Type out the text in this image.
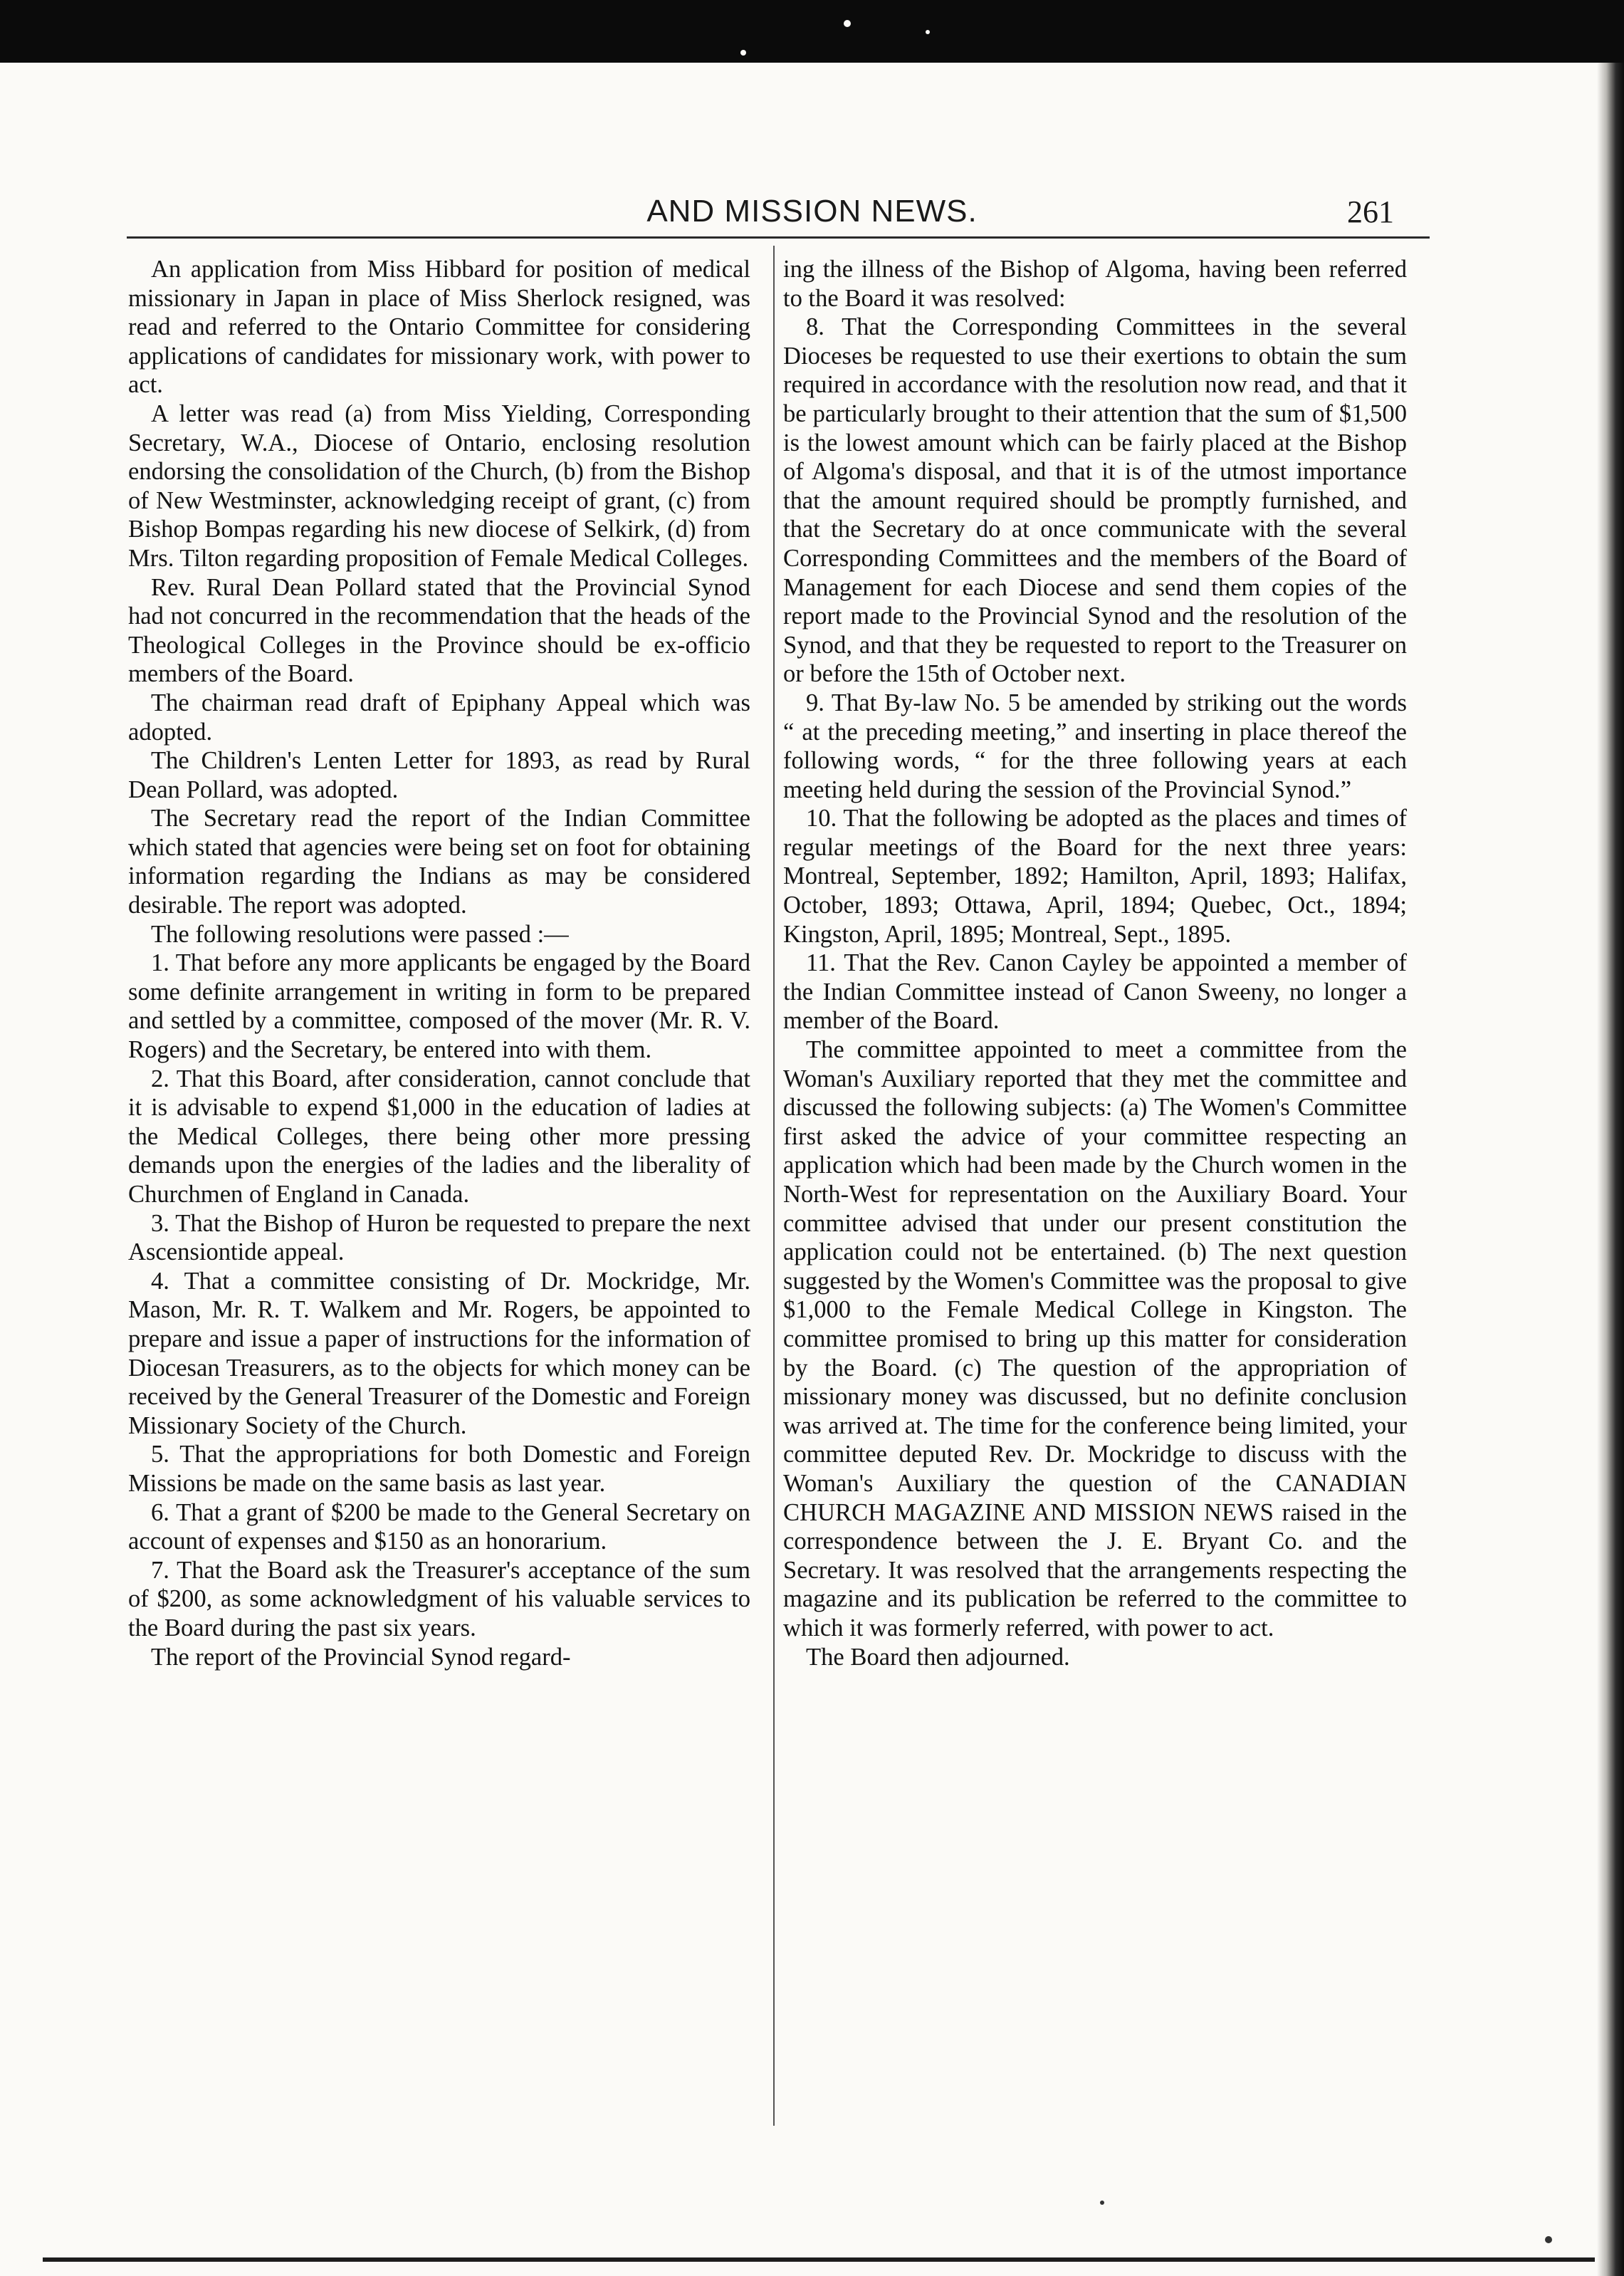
AND MISSION NEWS.	261

An application from Miss Hibbard for position of medical missionary in Japan in place of Miss Sherlock resigned, was read and referred to the Ontario Committee for considering applications of candidates for missionary work, with power to act.

A letter was read (a) from Miss Yielding, Corresponding Secretary, W.A., Diocese of Ontario, enclosing resolution endorsing the consolidation of the Church, (b) from the Bishop of New Westminster, acknowledging receipt of grant, (c) from Bishop Bompas regarding his new diocese of Selkirk, (d) from Mrs. Tilton regarding proposition of Female Medical Colleges.

Rev. Rural Dean Pollard stated that the Provincial Synod had not concurred in the recommendation that the heads of the Theological Colleges in the Province should be ex-officio members of the Board.

The chairman read draft of Epiphany Appeal which was adopted.

The Children's Lenten Letter for 1893, as read by Rural Dean Pollard, was adopted.

The Secretary read the report of the Indian Committee which stated that agencies were being set on foot for obtaining information regarding the Indians as may be considered desirable. The report was adopted.

The following resolutions were passed :—

1. That before any more applicants be engaged by the Board some definite arrangement in writing in form to be prepared and settled by a committee, composed of the mover (Mr. R. V. Rogers) and the Secretary, be entered into with them.

2. That this Board, after consideration, cannot conclude that it is advisable to expend $1,000 in the education of ladies at the Medical Colleges, there being other more pressing demands upon the energies of the ladies and the liberality of Churchmen of England in Canada.

3. That the Bishop of Huron be requested to prepare the next Ascensiontide appeal.

4. That a committee consisting of Dr. Mockridge, Mr. Mason, Mr. R. T. Walkem and Mr. Rogers, be appointed to prepare and issue a paper of instructions for the information of Diocesan Treasurers, as to the objects for which money can be received by the General Treasurer of the Domestic and Foreign Missionary Society of the Church.

5. That the appropriations for both Domestic and Foreign Missions be made on the same basis as last year.

6. That a grant of $200 be made to the General Secretary on account of expenses and $150 as an honorarium.

7. That the Board ask the Treasurer's acceptance of the sum of $200, as some acknowledgment of his valuable services to the Board during the past six years.

The report of the Provincial Synod regard-

ing the illness of the Bishop of Algoma, having been referred to the Board it was resolved:

8. That the Corresponding Committees in the several Dioceses be requested to use their exertions to obtain the sum required in accordance with the resolution now read, and that it be particularly brought to their attention that the sum of $1,500 is the lowest amount which can be fairly placed at the Bishop of Algoma's disposal, and that it is of the utmost importance that the amount required should be promptly furnished, and that the Secretary do at once communicate with the several Corresponding Committees and the members of the Board of Management for each Diocese and send them copies of the report made to the Provincial Synod and the resolution of the Synod, and that they be requested to report to the Treasurer on or before the 15th of October next.

9. That By-law No. 5 be amended by striking out the words “ at the preceding meeting,” and inserting in place thereof the following words, “ for the three following years at each meeting held during the session of the Provincial Synod.”

10. That the following be adopted as the places and times of regular meetings of the Board for the next three years: Montreal, September, 1892; Hamilton, April, 1893; Halifax, October, 1893; Ottawa, April, 1894; Quebec, Oct., 1894; Kingston, April, 1895; Montreal, Sept., 1895.

11. That the Rev. Canon Cayley be appointed a member of the Indian Committee instead of Canon Sweeny, no longer a member of the Board.

The committee appointed to meet a committee from the Woman's Auxiliary reported that they met the committee and discussed the following subjects: (a) The Women's Committee first asked the advice of your committee respecting an application which had been made by the Church women in the North-West for representation on the Auxiliary Board. Your committee advised that under our present constitution the application could not be entertained. (b) The next question suggested by the Women's Committee was the proposal to give $1,000 to the Female Medical College in Kingston. The committee promised to bring up this matter for consideration by the Board. (c) The question of the appropriation of missionary money was discussed, but no definite conclusion was arrived at. The time for the conference being limited, your committee deputed Rev. Dr. Mockridge to discuss with the Woman's Auxiliary the question of the CANADIAN CHURCH MAGAZINE AND MISSION NEWS raised in the correspondence between the J. E. Bryant Co. and the Secretary. It was resolved that the arrangements respecting the magazine and its publication be referred to the committee to which it was formerly referred, with power to act.

The Board then adjourned.
